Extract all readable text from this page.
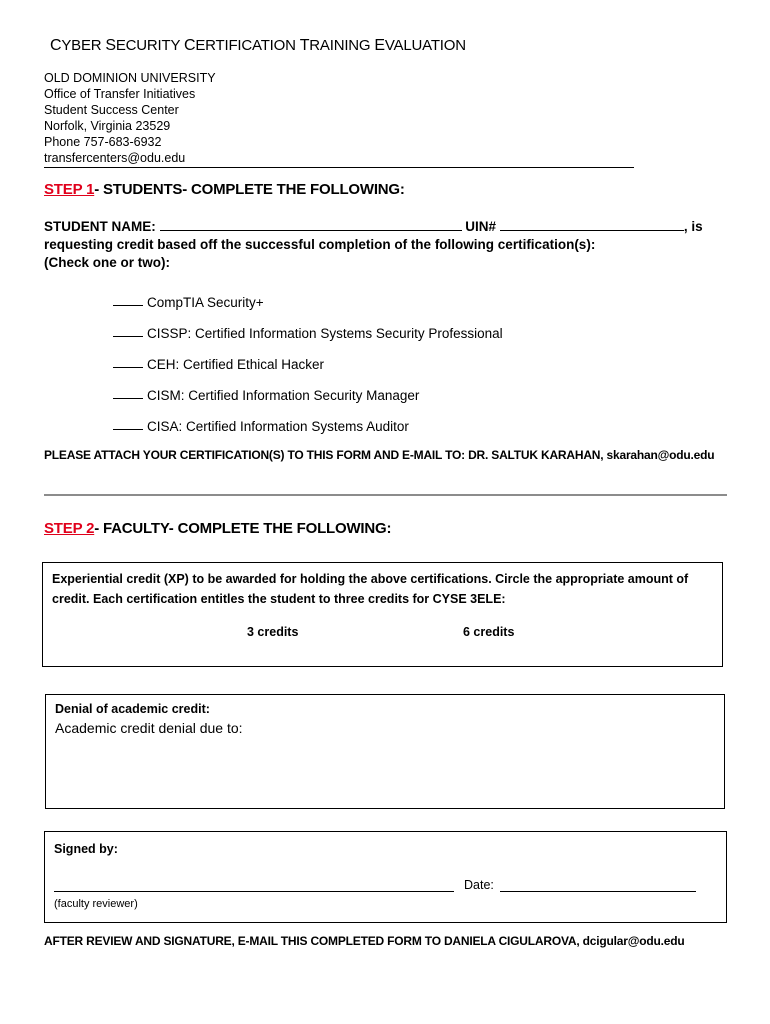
CYBER SECURITY CERTIFICATION TRAINING EVALUATION
OLD DOMINION UNIVERSITY
Office of Transfer Initiatives
Student Success Center
Norfolk, Virginia 23529
Phone 757-683-6932
transfercenters@odu.edu
STEP 1- STUDENTS- COMPLETE THE FOLLOWING:
STUDENT NAME:	UIN#	, is
requesting credit based off the successful completion of the following certification(s):
(Check one or two):
CompTIA Security+
CISSP: Certified Information Systems Security Professional
CEH: Certified Ethical Hacker
CISM: Certified Information Security Manager
CISA: Certified Information Systems Auditor
PLEASE ATTACH YOUR CERTIFICATION(S) TO THIS FORM AND E-MAIL TO: DR. SALTUK KARAHAN, skarahan@odu.edu
STEP 2- FACULTY- COMPLETE THE FOLLOWING:
Experiential credit (XP) to be awarded for holding the above certifications. Circle the appropriate amount of credit. Each certification entitles the student to three credits for CYSE 3ELE:
3 credits	6 credits
Denial of academic credit:
Academic credit denial due to:
Signed by:
Date:
(faculty reviewer)
AFTER REVIEW AND SIGNATURE, E-MAIL THIS COMPLETED FORM TO DANIELA CIGULAROVA, dcigular@odu.edu
